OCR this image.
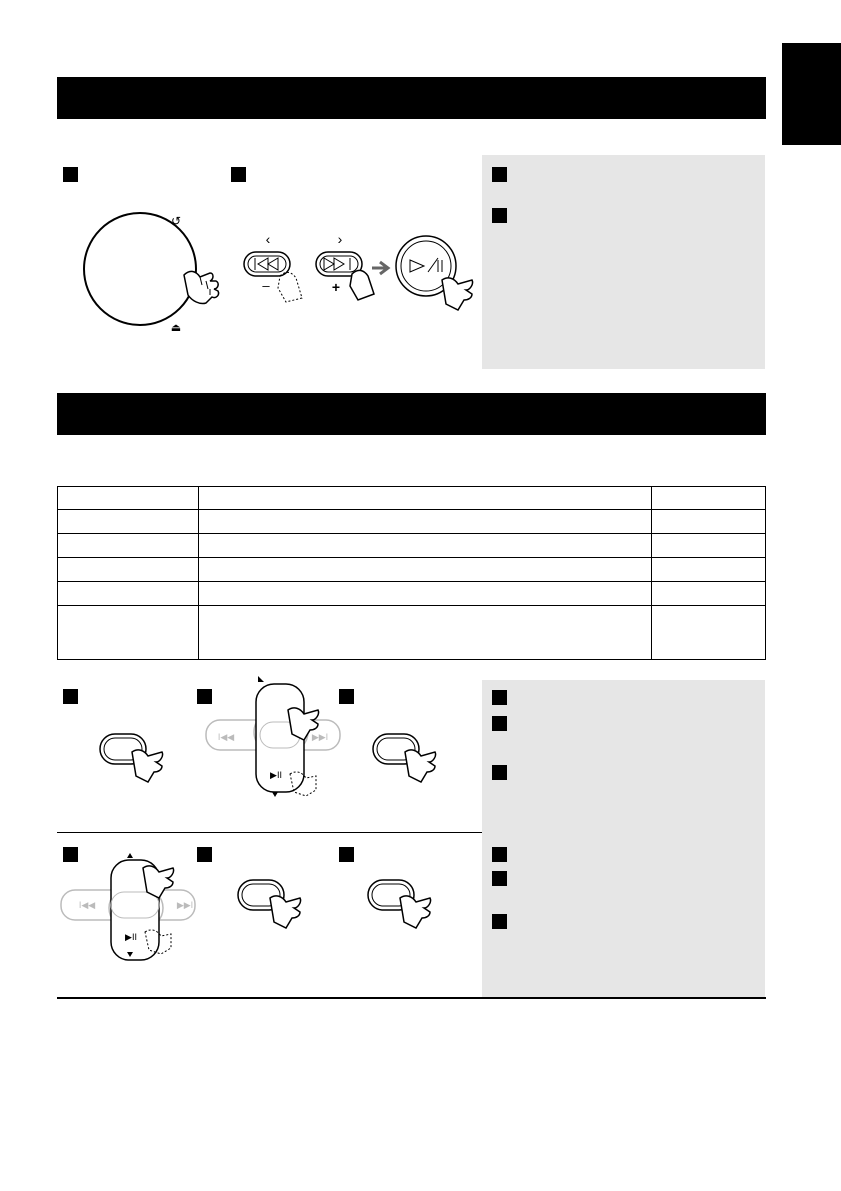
↺
⏏
‹	›
–	+

I◀◀	▶▶I
▶II
I◀◀	▶▶I
▶II
